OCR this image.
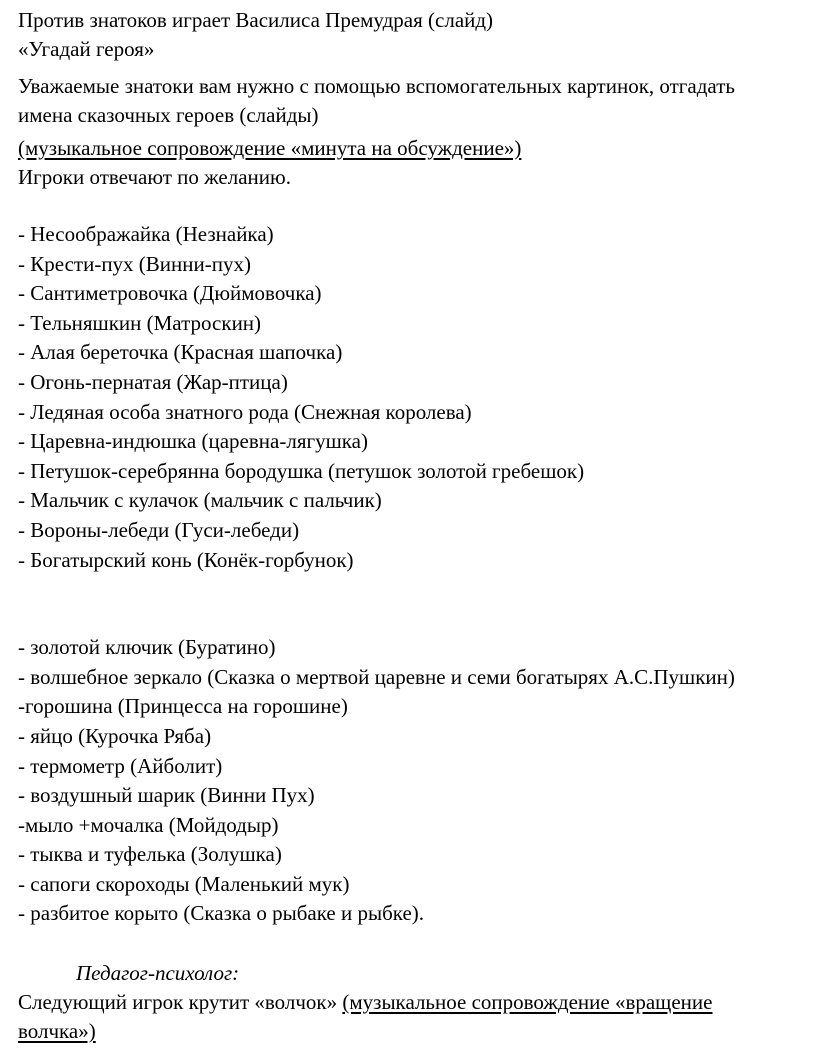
Против знатоков играет Василиса Премудрая (слайд)
«Угадай героя»
Уважаемые знатоки вам нужно с помощью вспомогательных картинок, отгадать
имена сказочных героев (слайды)
(музыкальное сопровождение «минута на обсуждение»)
Игроки отвечают по желанию.
- Несоображайка (Незнайка)
- Крести-пух (Винни-пух)
- Сантиметровочка (Дюймовочка)
- Тельняшкин (Матроскин)
- Алая береточка (Красная шапочка)
- Огонь-пернатая (Жар-птица)
- Ледяная особа знатного рода (Снежная королева)
- Царевна-индюшка (царевна-лягушка)
- Петушок-серебрянна бородушка (петушок золотой гребешок)
- Мальчик с кулачок (мальчик с пальчик)
- Вороны-лебеди (Гуси-лебеди)
- Богатырский конь (Конёк-горбунок)
- золотой ключик (Буратино)
- волшебное зеркало (Сказка о мертвой царевне и семи богатырях А.С.Пушкин)
-горошина (Принцесса на горошине)
- яйцо (Курочка Ряба)
- термометр (Айболит)
- воздушный шарик (Винни Пух)
-мыло +мочалка (Мойдодыр)
- тыква и туфелька (Золушка)
- сапоги скороходы (Маленький мук)
- разбитое корыто (Сказка о рыбаке и рыбке).
Педагог-психолог:
Следующий игрок крутит «волчок» (музыкальное сопровождение «вращение
волчка»)
